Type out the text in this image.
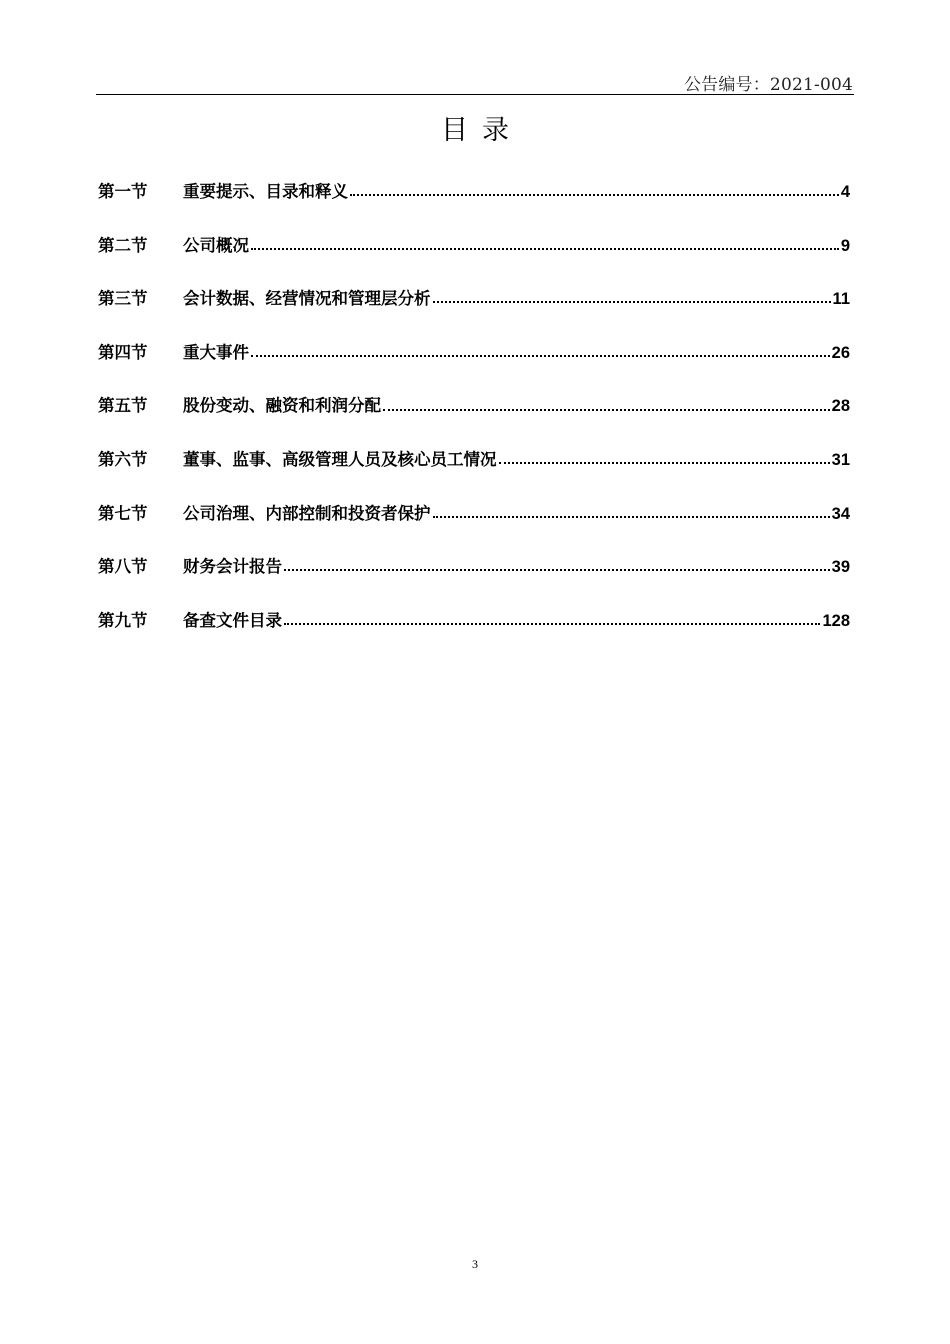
公告编号：2021-004
目录
第一节	重要提示、目录和释义	4
第二节	公司概况	9
第三节	会计数据、经营情况和管理层分析	11
第四节	重大事件	26
第五节	股份变动、融资和利润分配	28
第六节	董事、监事、高级管理人员及核心员工情况	31
第七节	公司治理、内部控制和投资者保护	34
第八节	财务会计报告	39
第九节	备查文件目录	128
3
